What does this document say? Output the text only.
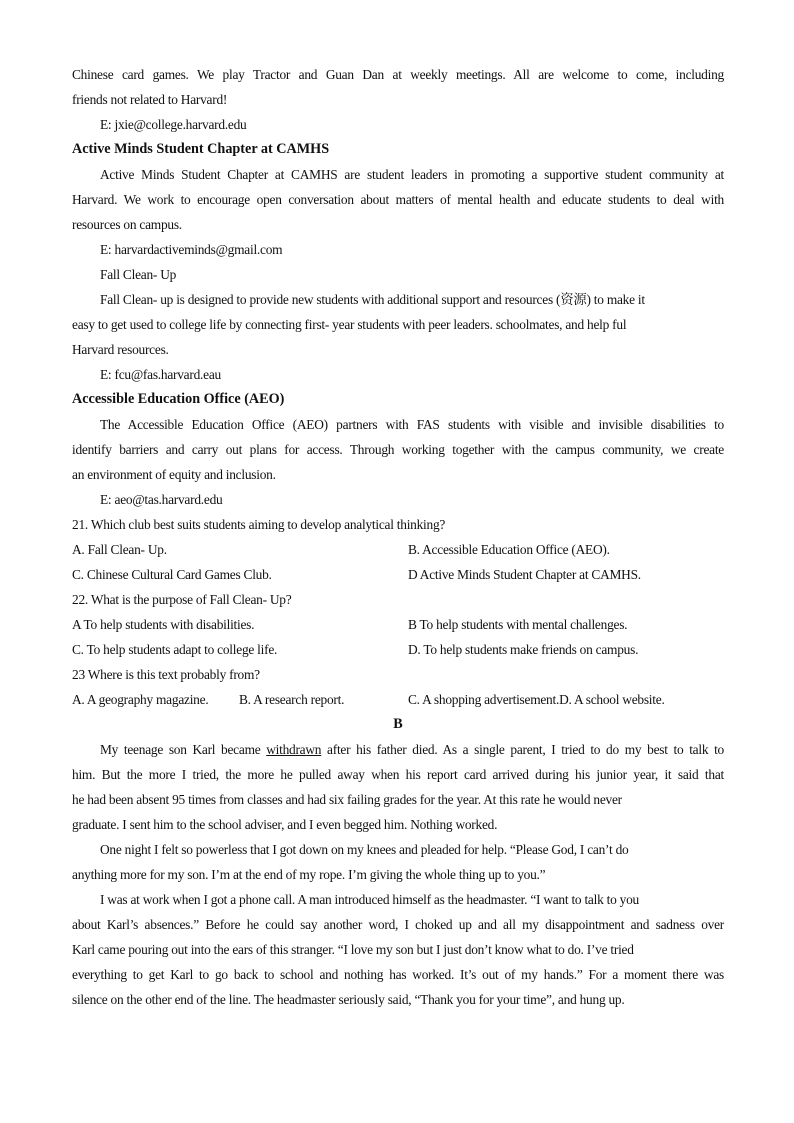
Chinese card games. We play Tractor and Guan Dan at weekly meetings. All are welcome to come, including
friends not related to Harvard!
E: jxie@college.harvard.edu
Active Minds Student Chapter at CAMHS
Active Minds Student Chapter at CAMHS are student leaders in promoting a supportive student community at
Harvard. We work to encourage open conversation about matters of mental health and educate students to deal with
resources on campus.
E: harvardactiveminds@gmail.com
Fall Clean- Up
Fall Clean- up is designed to provide new students with additional support and resources (资源) to make it
easy to get used to college life by connecting first- year students with peer leaders. schoolmates, and help ful
Harvard resources.
E: fcu@fas.harvard.eau
Accessible Education Office (AEO)
The Accessible Education Office (AEO) partners with FAS students with visible and invisible disabilities to
identify barriers and carry out plans for access. Through working together with the campus community, we create
an environment of equity and inclusion.
E: aeo@tas.harvard.edu
21. Which club best suits students aiming to develop analytical thinking?
A. Fall Clean- Up.	B. Accessible Education Office (AEO).
C. Chinese Cultural Card Games Club.	D Active Minds Student Chapter at CAMHS.
22. What is the purpose of Fall Clean- Up?
A To help students with disabilities.	B To help students with mental challenges.
C. To help students adapt to college life.	D. To help students make friends on campus.
23 Where is this text probably from?
A. A geography magazine.	B. A research report.	C. A shopping advertisement. D. A school website.
B
My teenage son Karl became withdrawn after his father died. As a single parent, I tried to do my best to talk to
him. But the more I tried, the more he pulled away when his report card arrived during his junior year, it said that
he had been absent 95 times from classes and had six failing grades for the year. At this rate he would never
graduate. I sent him to the school adviser, and I even begged him. Nothing worked.
One night I felt so powerless that I got down on my knees and pleaded for help. “Please God, I can’t do
anything more for my son. I’m at the end of my rope. I’m giving the whole thing up to you.”
I was at work when I got a phone call. A man introduced himself as the headmaster. “I want to talk to you
about Karl’s absences.” Before he could say another word, I choked up and all my disappointment and sadness over
Karl came pouring out into the ears of this stranger. “I love my son but I just don’t know what to do. I’ve tried
everything to get Karl to go back to school and nothing has worked. It’s out of my hands.” For a moment there was
silence on the other end of the line. The headmaster seriously said, “Thank you for your time”, and hung up.
